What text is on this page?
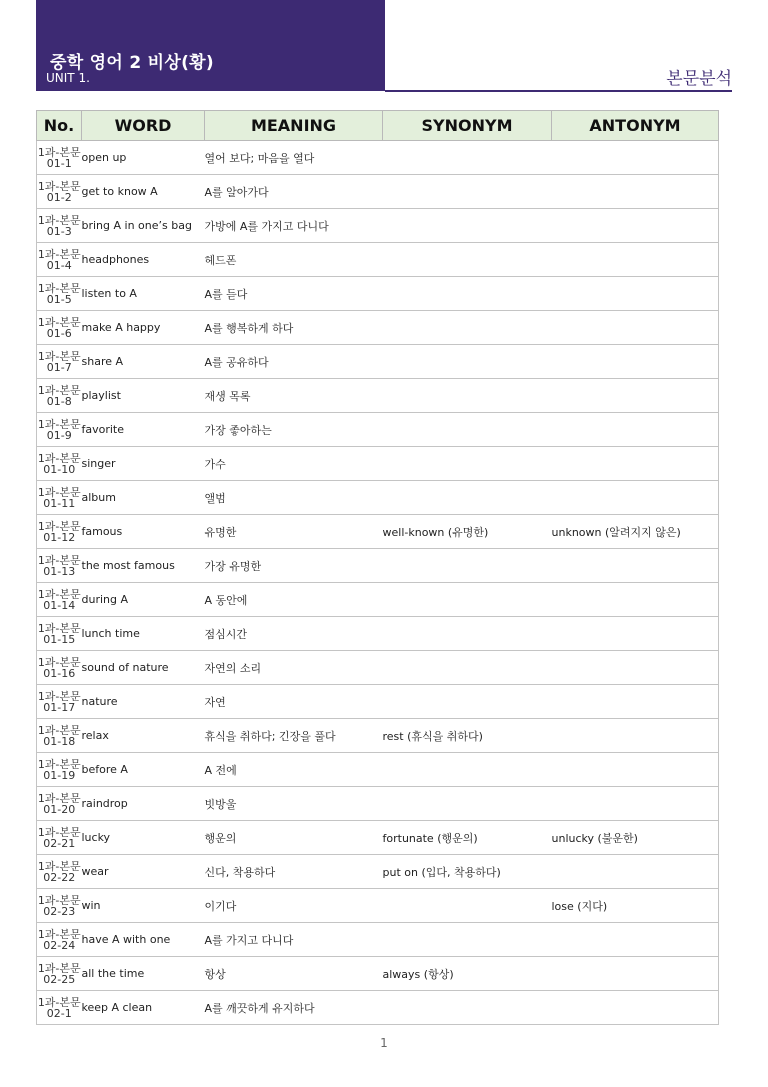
중학 영어 2 비상(황)
UNIT 1.	본문분석
No.	WORD	MEANING	SYNONYM	ANTONYM

1과-본문
01-1	open up	열어 보다; 마음을 열다		

1과-본문
01-2	get to know A	A를 알아가다		

1과-본문
01-3	bring A in one’s bag	가방에 A를 가지고 다니다		

1과-본문
01-4	headphones	헤드폰		

1과-본문
01-5	listen to A	A를 듣다		

1과-본문
01-6	make A happy	A를 행복하게 하다		

1과-본문
01-7	share A	A를 공유하다		

1과-본문
01-8	playlist	재생 목록		

1과-본문
01-9	favorite	가장 좋아하는		

1과-본문
01-10	singer	가수		

1과-본문
01-11	album	앨범		

1과-본문
01-12	famous	유명한	well-known (유명한)	unknown (알려지지 않은)

1과-본문
01-13	the most famous	가장 유명한		

1과-본문
01-14	during A	A 동안에		

1과-본문
01-15	lunch time	점심시간		

1과-본문
01-16	sound of nature	자연의 소리		

1과-본문
01-17	nature	자연		

1과-본문
01-18	relax	휴식을 취하다; 긴장을 풀다	rest (휴식을 취하다)	

1과-본문
01-19	before A	A 전에		

1과-본문
01-20	raindrop	빗방울		

1과-본문
02-21	lucky	행운의	fortunate (행운의)	unlucky (불운한)

1과-본문
02-22	wear	신다, 착용하다	put on (입다, 착용하다)	

1과-본문
02-23	win	이기다		lose (지다)

1과-본문
02-24	have A with one	A를 가지고 다니다		

1과-본문
02-25	all the time	항상	always (항상)	

1과-본문
02-1	keep A clean	A를 깨끗하게 유지하다		
1
